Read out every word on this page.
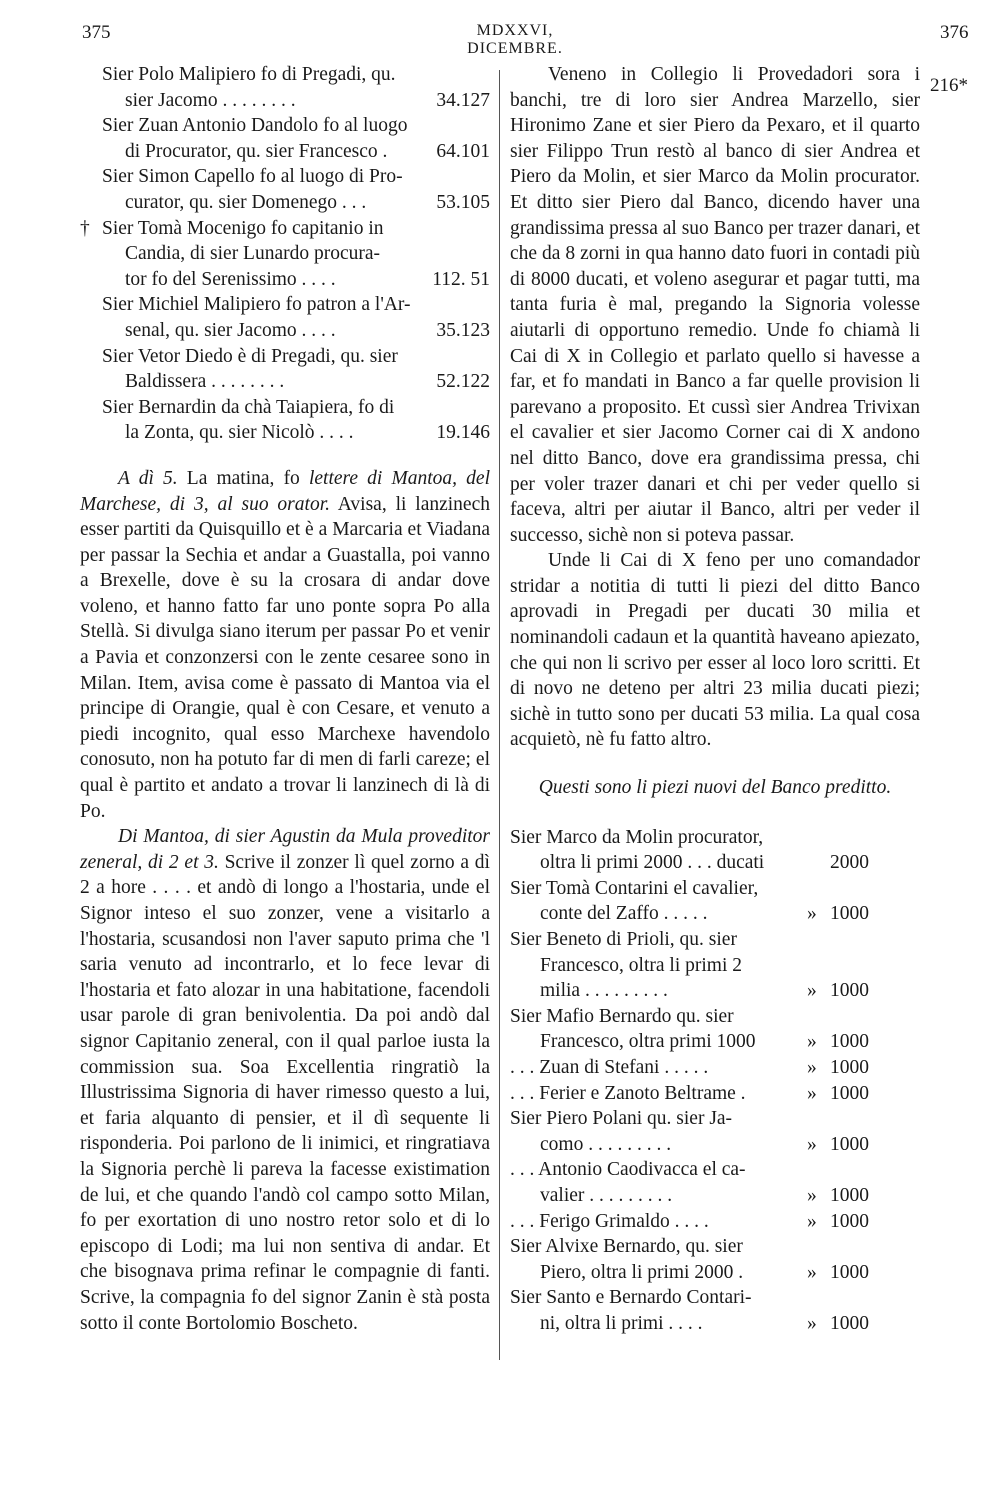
375	MDXXVI, DICEMBRE.
376
216*
Sier Polo Malipiero fo di Pregadi, qu.
sier Jacomo . . . . . . . .	34.127
Sier Zuan Antonio Dandolo fo al luogo
di Procurator, qu. sier Francesco .	64.101
Sier Simon Capello fo al luogo di Pro-
curator, qu. sier Domenego . . .	53.105
† Sier Tomà Mocenigo fo capitanio in
Candia, di sier Lunardo procura-
tor fo del Serenissimo . . . .	112. 51
Sier Michiel Malipiero fo patron a l'Ar-
senal, qu. sier Jacomo . . . .	35.123
Sier Vetor Diedo è di Pregadi, qu. sier
Baldissera . . . . . . . .	52.122
Sier Bernardin da chà Taiapiera, fo di
la Zonta, qu. sier Nicolò . . . .	19.146

A dì 5. La matina, fo lettere di Mantoa, del Marchese, di 3, al suo orator. Avisa, li lanzinech esser partiti da Quisquillo et è a Marcaria et Viadana per passar la Sechia et andar a Guastalla, poi vanno a Brexelle, dove è su la crosara di andar dove voleno, et hanno fatto far uno ponte sopra Po alla Stellà. Si divulga siano iterum per passar Po et venir a Pavia et conzonzersi con le zente cesaree sono in Milan. Item, avisa come è passato di Mantoa via el principe di Orangie, qual è con Cesare, et venuto a piedi incognito, qual esso Marchexe havendolo conosuto, non ha potuto far di men di farli careze; el qual è partito et andato a trovar li lanzinech di là di Po.

Di Mantoa, di sier Agustin da Mula proveditor zeneral, di 2 et 3. Scrive il zonzer lì quel zorno a dì 2 a hore . . . . et andò di longo a l'hostaria, unde el Signor inteso el suo zonzer, vene a visitarlo a l'hostaria, scusandosi non l'aver saputo prima che 'l saria venuto ad incontrarlo, et lo fece levar di l'hostaria et fato alozar in una habitatione, facendoli usar parole di gran benivolentia. Da poi andò dal signor Capitanio zeneral, con il qual parloe iusta la commission sua. Soa Excellentia ringratiò la Illustrissima Signoria di haver rimesso questo a lui, et faria alquanto di pensier, et il dì sequente li risponderia. Poi parlono de li inimici, et ringratiava la Signoria perchè li pareva la facesse existimation de lui, et che quando l'andò col campo sotto Milan, fo per exortation di uno nostro retor solo et di lo episcopo di Lodi; ma lui non sentiva di andar. Et che bisognava prima refinar le compagnie di fanti. Scrive, la compagnia fo del signor Zanin è stà posta sotto il conte Bortolomio Boscheto.

Veneno in Collegio li Provedadori sora i banchi, tre di loro sier Andrea Marzello, sier Hironimo Zane et sier Piero da Pexaro, et il quarto sier Filippo Trun restò al banco di sier Andrea et Piero da Molin, et sier Marco da Molin procurator. Et ditto sier Piero dal Banco, dicendo haver una grandissima pressa al suo Banco per trazer danari, et che da 8 zorni in qua hanno dato fuori in contadi più di 8000 ducati, et voleno asegurar et pagar tutti, ma tanta furia è mal, pregando la Signoria volesse aiutarli di opportuno remedio. Unde fo chiamà li Cai di X in Collegio et parlato quello si havesse a far, et fo mandati in Banco a far quelle provision li parevano a proposito. Et cussì sier Andrea Trivixan el cavalier et sier Jacomo Corner cai di X andono nel ditto Banco, dove era grandissima pressa, chi per voler trazer danari et chi per veder quello si faceva, altri per aiutar il Banco, altri per veder il successo, sichè non si poteva passar.

Unde li Cai di X feno per uno comandador stridar a notitia di tutti li piezi del ditto Banco aprovadi in Pregadi per ducati 30 milia et nominandoli cadaun et la quantità haveano apiezato, che qui non li scrivo per esser al loco loro scritti. Et di novo ne deteno per altri 23 milia ducati piezi; sichè in tutto sono per ducati 53 milia. La qual cosa acquietò, nè fu fatto altro.

Questi sono li piezi nuovi del Banco preditto.
Sier Marco da Molin procurator,
oltra li primi 2000 . . . ducati	2000
Sier Tomà Contarini el cavalier,
conte del Zaffo . . . . .	» 1000
Sier Beneto di Prioli, qu. sier
Francesco, oltra li primi 2
milia . . . . . . . . .	» 1000
Sier Mafio Bernardo qu. sier
Francesco, oltra primi 1000	» 1000
. . . Zuan di Stefani . . . . .	» 1000
. . . Ferier e Zanoto Beltrame .	» 1000
Sier Piero Polani qu. sier Ja-
como . . . . . . . . .	» 1000
. . . Antonio Caodivacca el ca-
valier . . . . . . . . .	» 1000
. . . Ferigo Grimaldo . . . .	» 1000
Sier Alvixe Bernardo, qu. sier
Piero, oltra li primi 2000 .	» 1000
Sier Santo e Bernardo Contari-
ni, oltra li primi . . . .	» 1000
